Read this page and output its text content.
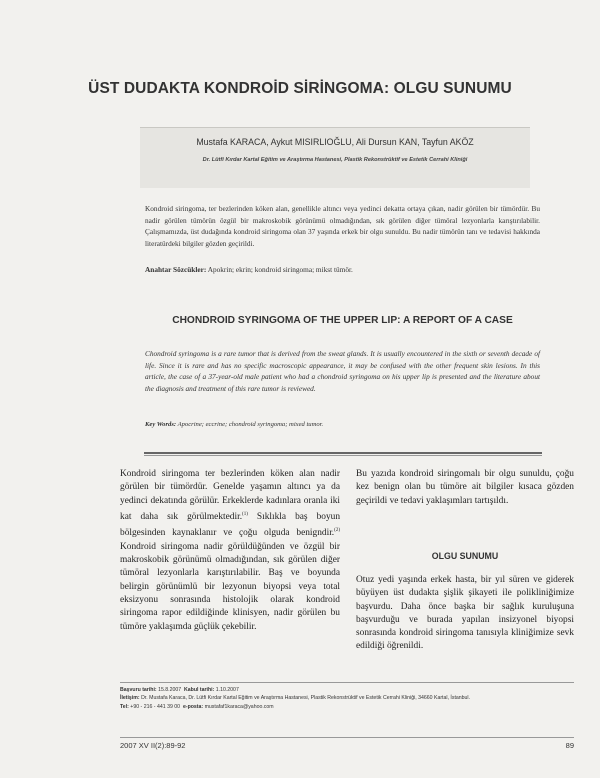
ÜST DUDAKTA KONDROİD SİRİNGOMA: OLGU SUNUMU
Mustafa KARACA, Aykut MISIRLIOĞLU, Ali Dursun KAN, Tayfun AKÖZ
Dr. Lütfi Kırdar Kartal Eğitim ve Araştırma Hastanesi, Plastik Rekonstrüktif ve Estetik Cerrahi Kliniği
Kondroid siringoma, ter bezlerinden köken alan, genellikle altıncı veya yedinci dekatta ortaya çıkan, nadir görülen bir tümördür. Bu nadir görülen tümörün özgül bir makroskobik görünümü olmadığından, sık görülen diğer tümöral lezyonlarla karıştırılabilir. Çalışmamızda, üst dudağında kondroid siringoma olan 37 yaşında erkek bir olgu sunuldu. Bu nadir tümörün tanı ve tedavisi hakkında literatürdeki bilgiler gözden geçirildi.
Anahtar Sözcükler: Apokrin; ekrin; kondroid siringoma; mikst tümör.
CHONDROID SYRINGOMA OF THE UPPER LIP: A REPORT OF A CASE
Chondroid syringoma is a rare tumor that is derived from the sweat glands. It is usually encountered in the sixth or seventh decade of life. Since it is rare and has no specific macroscopic appearance, it may be confused with the other frequent skin lesions. In this article, the case of a 37-year-old male patient who had a chondroid syringoma on his upper lip is presented and the literature about the diagnosis and treatment of this rare tumor is reviewed.
Key Words: Apocrine; eccrine; chondroid syringoma; mixed tumor.
Kondroid siringoma ter bezlerinden köken alan nadir görülen bir tümördür. Genelde yaşamın altıncı ya da yedinci dekatında görülür. Erkeklerde kadınlara oranla iki kat daha sık görülmektedir.$^{(1)}$ Sıklıkla baş boyun bölgesinden kaynaklanır ve çoğu olguda benigndir.$^{(2)}$ Kondroid siringoma nadir görüldüğünden ve özgül bir makroskobik görünümü olmadığından, sık görülen diğer tümöral lezyonlarla karıştırılabilir. Baş ve boyunda belirgin görünümlü bir lezyonun biyopsi veya total eksizyonu sonrasında histolojik olarak kondroid siringoma rapor edildiğinde klinisyen, nadir görülen bu tümöre yaklaşımda güçlük çekebilir.
Bu yazıda kondroid siringomalı bir olgu sunuldu, çoğu kez benign olan bu tümöre ait bilgiler kısaca gözden geçirildi ve tedavi yaklaşımları tartışıldı.
OLGU SUNUMU
Otuz yedi yaşında erkek hasta, bir yıl süren ve giderek büyüyen üst dudakta şişlik şikayeti ile polikliniğimize başvurdu. Daha önce başka bir sağlık kuruluşuna başvurduğu ve burada yapılan insizyonel biyopsi sonrasında kondroid siringoma tanısıyla kliniğimize sevk edildiği öğrenildi.
Başvuru tarihi: 15.8.2007 Kabul tarihi: 1.10.2007
İletişim: Dr. Mustafa Karaca, Dr. Lütfi Kırdar Kartal Eğitim ve Araştırma Hastanesi, Plastik Rekonstrüktif ve Estetik Cerrahi Kliniği, 34660 Kartal, İstanbul.
Tel: +90 - 216 - 441 39 00 e-posta: mustafaf1karaca@yahoo.com
2007 XV II(2):89-92	89
